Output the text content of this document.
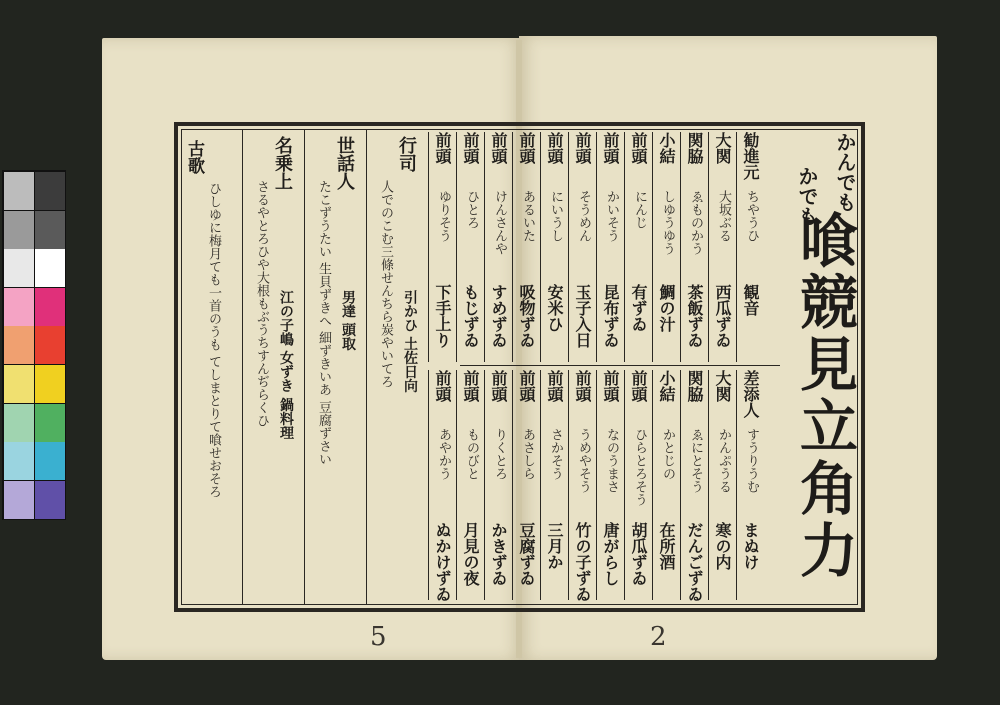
かんでも
かでも
喰競見立角力
勧進元
ちやうひ
観音
大関
大坂ぶる
西瓜ずゐ
関脇
ゑものかう
茶飯ずゐ
小結
しゆうゆう
鯛の汁
前頭
にんじ
有ずゐ
前頭
かいそう
昆布ずゐ
前頭
そうめん
玉子入日
前頭
にいうし
安米ひ
前頭
あるいた
吸物ずゐ
前頭
けんさんや
すめずゐ
前頭
ひとろ
もじずゐ
前頭
ゆりそう
下手上り
差添人
すうりうむ
まぬけ
大関
かんぷうる
寒の内
関脇
ゑにとそう
だんごずゐ
小結
かとじの
在所酒
前頭
ひらとろそう
胡瓜ずゐ
前頭
なのうまさ
唐がらし
前頭
うめやそう
竹の子ずゐ
前頭
さかそう
三月か
前頭
あさしら
豆腐ずゐ
前頭
りくとろ
かきずゐ
前頭
ものびと
月見の夜
前頭
あやかう
ぬかけずゐ
行司
人でのこむ三條せんちら炭やいてろ 引かひ 土佐日向
世話人
たこずうたい 生貝ずきへ 細ずきいあ 豆腐ずさい 男達 頭取
名乗上
さるやとろひや大根もぶうちすんぢらくひ 江の子嶋 女ずき 鍋料理
古歌
ひしゆに梅月ても一首のうも てしまとりて喰せおそろ
5	2
